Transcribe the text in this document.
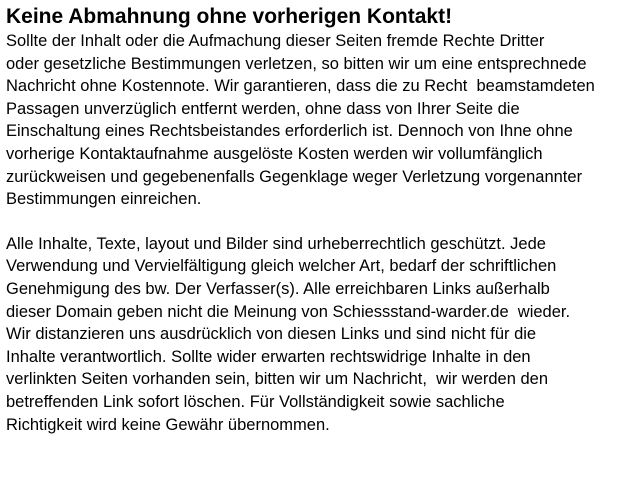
Keine Abmahnung ohne vorherigen Kontakt!
Sollte der Inhalt oder die Aufmachung dieser Seiten fremde Rechte Dritter
oder gesetzliche Bestimmungen verletzen, so bitten wir um eine entsprechnede
Nachricht ohne Kostennote. Wir garantieren, dass die zu Recht  beamstamdeten
Passagen unverzüglich entfernt werden, ohne dass von Ihrer Seite die
Einschaltung eines Rechtsbeistandes erforderlich ist. Dennoch von Ihne ohne
vorherige Kontaktaufnahme ausgelöste Kosten werden wir vollumfänglich
zurückweisen und gegebenenfalls Gegenklage weger Verletzung vorgenannter
Bestimmungen einreichen.
Alle Inhalte, Texte, layout und Bilder sind urheberrechtlich geschützt. Jede
Verwendung und Vervielfältigung gleich welcher Art, bedarf der schriftlichen
Genehmigung des bw. Der Verfasser(s). Alle erreichbaren Links außerhalb
dieser Domain geben nicht die Meinung von Schiessstand-warder.de  wieder.
Wir distanzieren uns ausdrücklich von diesen Links und sind nicht für die
Inhalte verantwortlich. Sollte wider erwarten rechtswidrige Inhalte in den
verlinkten Seiten vorhanden sein, bitten wir um Nachricht,  wir werden den
betreffenden Link sofort löschen. Für Vollständigkeit sowie sachliche
Richtigkeit wird keine Gewähr übernommen.
